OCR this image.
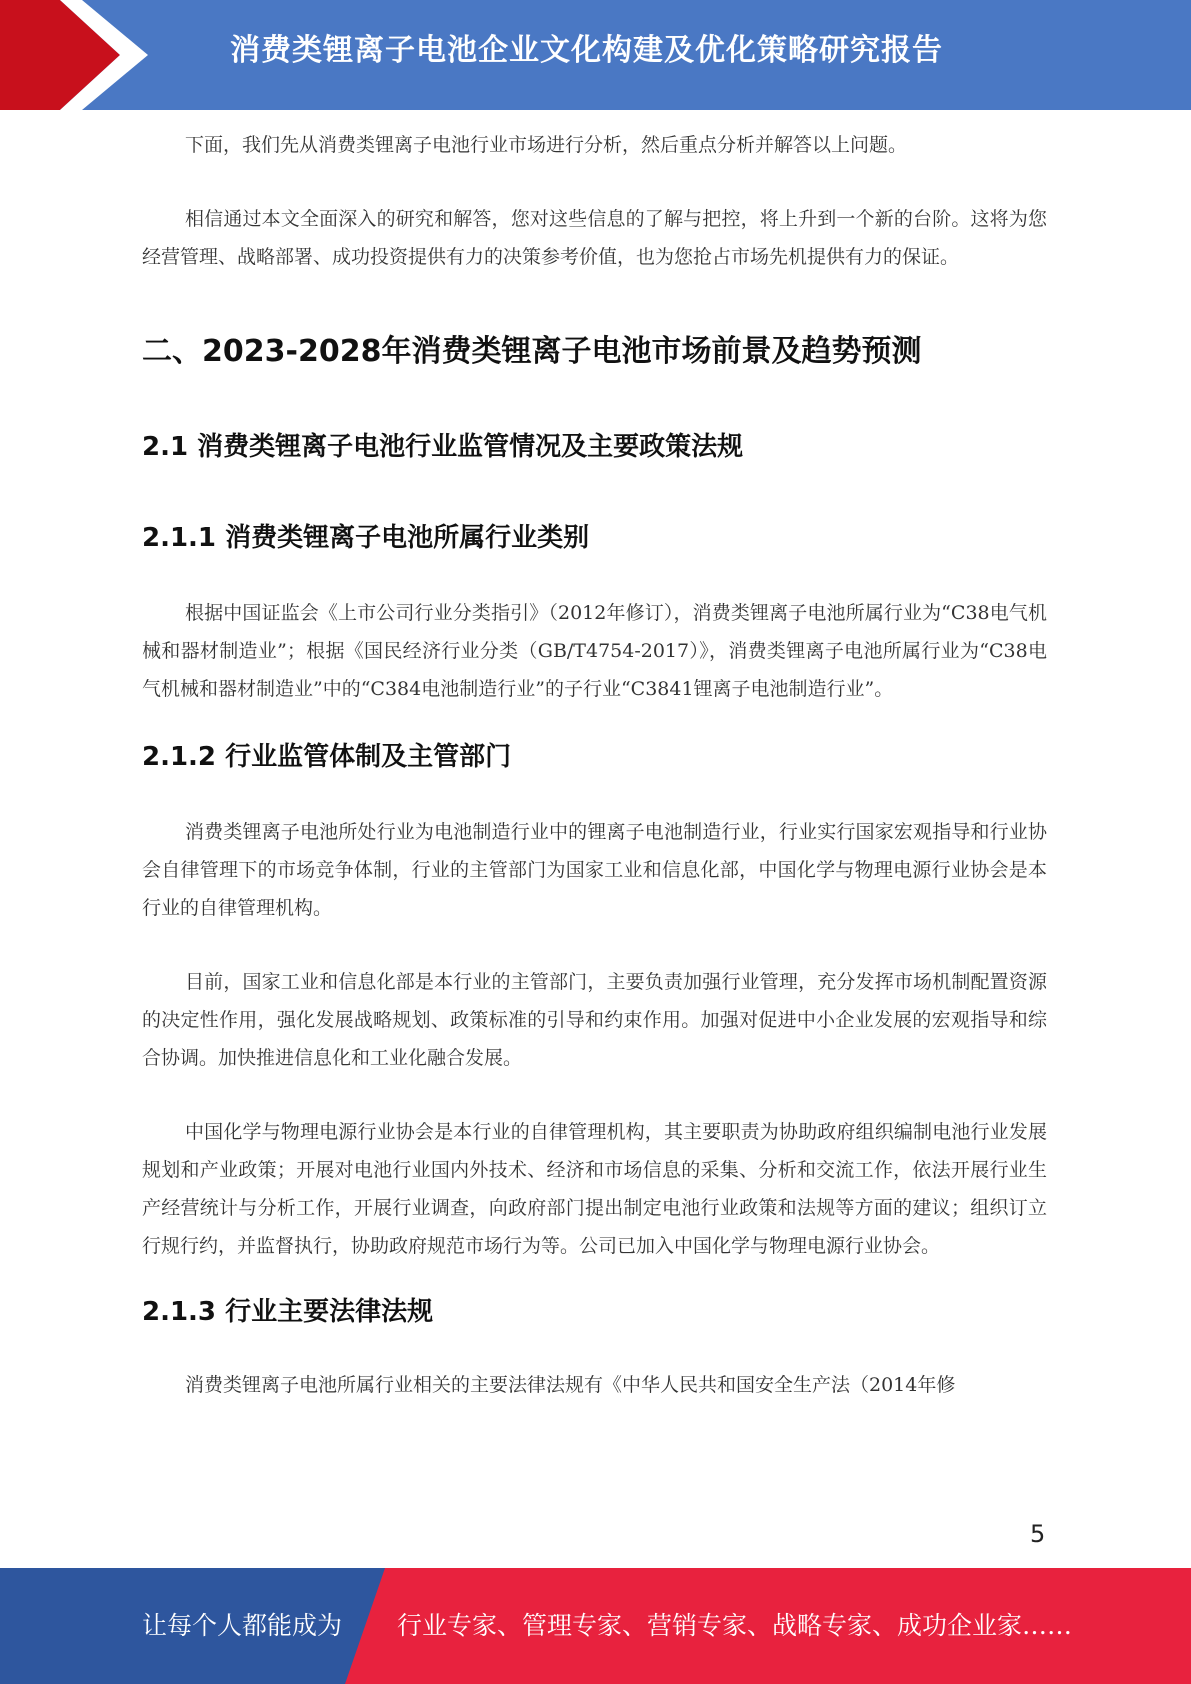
消费类锂离子电池企业文化构建及优化策略研究报告

下面，我们先从消费类锂离子电池行业市场进行分析，然后重点分析并解答以上问题。

相信通过本文全面深入的研究和解答，您对这些信息的了解与把控，将上升到一个新的台阶。这将为您经营管理、战略部署、成功投资提供有力的决策参考价值，也为您抢占市场先机提供有力的保证。

二、2023-2028年消费类锂离子电池市场前景及趋势预测
2.1 消费类锂离子电池行业监管情况及主要政策法规
2.1.1 消费类锂离子电池所属行业类别

根据中国证监会《上市公司行业分类指引》（2012年修订），消费类锂离子电池所属行业为“C38电气机械和器材制造业”；根据《国民经济行业分类（GB/T4754-2017）》，消费类锂离子电池所属行业为“C38电气机械和器材制造业”中的“C384电池制造行业”的子行业“C3841锂离子电池制造行业”。

2.1.2 行业监管体制及主管部门

消费类锂离子电池所处行业为电池制造行业中的锂离子电池制造行业，行业实行国家宏观指导和行业协会自律管理下的市场竞争体制，行业的主管部门为国家工业和信息化部，中国化学与物理电源行业协会是本行业的自律管理机构。

目前，国家工业和信息化部是本行业的主管部门，主要负责加强行业管理，充分发挥市场机制配置资源的决定性作用，强化发展战略规划、政策标准的引导和约束作用。加强对促进中小企业发展的宏观指导和综合协调。加快推进信息化和工业化融合发展。

中国化学与物理电源行业协会是本行业的自律管理机构，其主要职责为协助政府组织编制电池行业发展规划和产业政策；开展对电池行业国内外技术、经济和市场信息的采集、分析和交流工作，依法开展行业生产经营统计与分析工作，开展行业调查，向政府部门提出制定电池行业政策和法规等方面的建议；组织订立行规行约，并监督执行，协助政府规范市场行为等。公司已加入中国化学与物理电源行业协会。

2.1.3 行业主要法律法规

消费类锂离子电池所属行业相关的主要法律法规有《中华人民共和国安全生产法（2014年修

5
让每个人都能成为 行业专家、管理专家、营销专家、战略专家、成功企业家……
